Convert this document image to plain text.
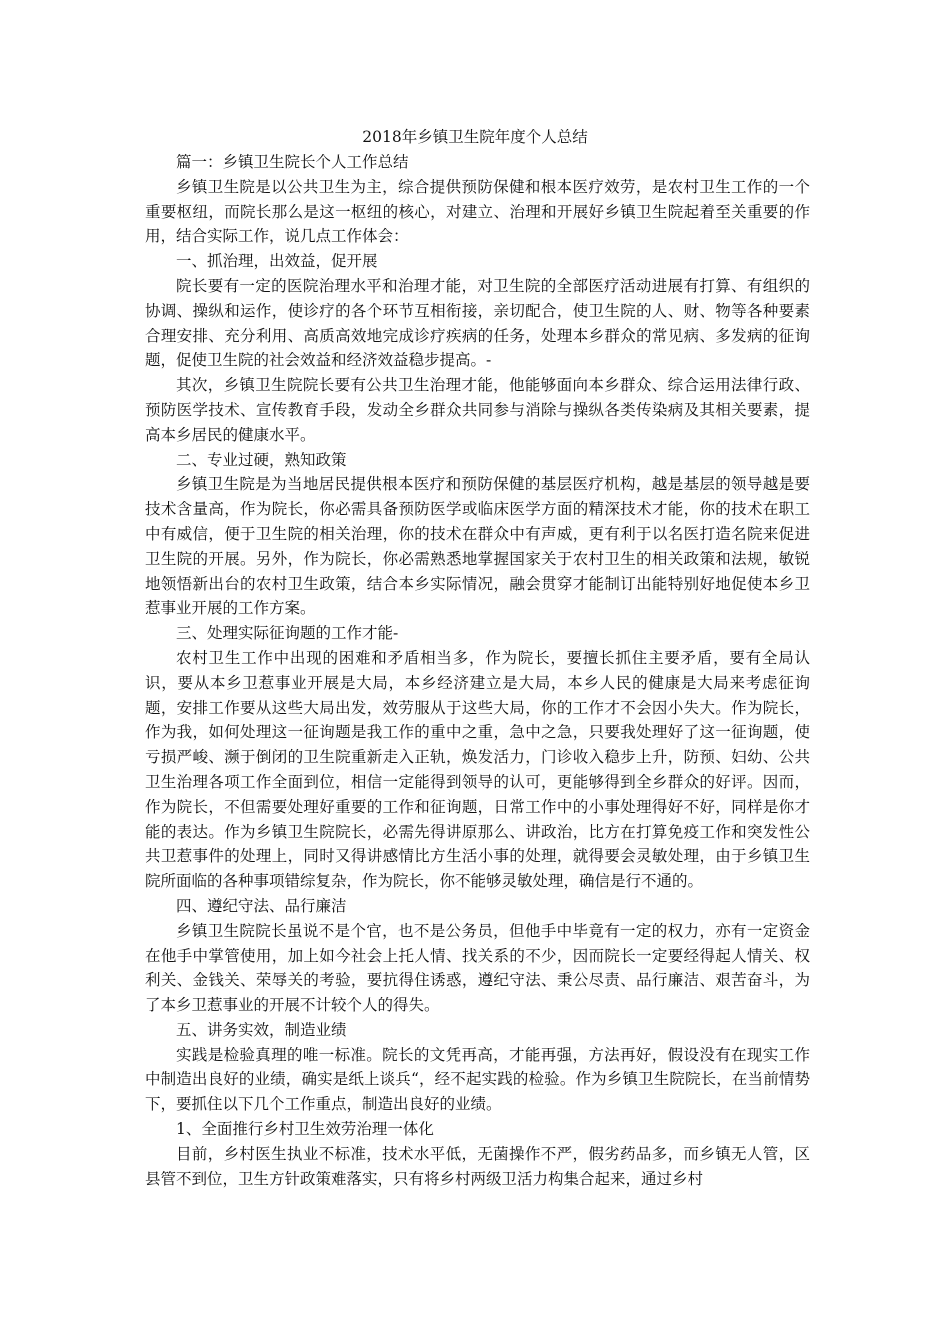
2018年乡镇卫生院年度个人总结

篇一：乡镇卫生院长个人工作总结

乡镇卫生院是以公共卫生为主，综合提供预防保健和根本医疗效劳，是农村卫生工作的一个重要枢纽，而院长那么是这一枢纽的核心，对建立、治理和开展好乡镇卫生院起着至关重要的作用，结合实际工作，说几点工作体会：

一、抓治理，出效益，促开展

院长要有一定的医院治理水平和治理才能，对卫生院的全部医疗活动进展有打算、有组织的协调、操纵和运作，使诊疗的各个环节互相衔接，亲切配合，使卫生院的人、财、物等各种要素合理安排、充分利用、高质高效地完成诊疗疾病的任务，处理本乡群众的常见病、多发病的征询题，促使卫生院的社会效益和经济效益稳步提高。-

其次，乡镇卫生院院长要有公共卫生治理才能，他能够面向本乡群众、综合运用法律行政、预防医学技术、宣传教育手段，发动全乡群众共同参与消除与操纵各类传染病及其相关要素，提高本乡居民的健康水平。

二、专业过硬，熟知政策

乡镇卫生院是为当地居民提供根本医疗和预防保健的基层医疗机构，越是基层的领导越是要技术含量高，作为院长，你必需具备预防医学或临床医学方面的精深技术才能，你的技术在职工中有威信，便于卫生院的相关治理，你的技术在群众中有声威，更有利于以名医打造名院来促进卫生院的开展。另外，作为院长，你必需熟悉地掌握国家关于农村卫生的相关政策和法规，敏锐地领悟新出台的农村卫生政策，结合本乡实际情况，融会贯穿才能制订出能特别好地促使本乡卫惹事业开展的工作方案。

三、处理实际征询题的工作才能-

农村卫生工作中出现的困难和矛盾相当多，作为院长，要擅长抓住主要矛盾，要有全局认识，要从本乡卫惹事业开展是大局，本乡经济建立是大局，本乡人民的健康是大局来考虑征询题，安排工作要从这些大局出发，效劳服从于这些大局，你的工作才不会因小失大。作为院长，作为我，如何处理这一征询题是我工作的重中之重，急中之急，只要我处理好了这一征询题，使亏损严峻、濒于倒闭的卫生院重新走入正轨，焕发活力，门诊收入稳步上升，防预、妇幼、公共卫生治理各项工作全面到位，相信一定能得到领导的认可，更能够得到全乡群众的好评。因而，作为院长，不但需要处理好重要的工作和征询题，日常工作中的小事处理得好不好，同样是你才能的表达。作为乡镇卫生院院长，必需先得讲原那么、讲政治，比方在打算免疫工作和突发性公共卫惹事件的处理上，同时又得讲感情比方生活小事的处理，就得要会灵敏处理，由于乡镇卫生院所面临的各种事项错综复杂，作为院长，你不能够灵敏处理，确信是行不通的。

四、遵纪守法、品行廉洁

乡镇卫生院院长虽说不是个官，也不是公务员，但他手中毕竟有一定的权力，亦有一定资金在他手中掌管使用，加上如今社会上托人情、找关系的不少，因而院长一定要经得起人情关、权利关、金钱关、荣辱关的考验，要抗得住诱惑，遵纪守法、秉公尽责、品行廉洁、艰苦奋斗，为了本乡卫惹事业的开展不计较个人的得失。

五、讲务实效，制造业绩

实践是检验真理的唯一标准。院长的文凭再高，才能再强，方法再好，假设没有在现实工作中制造出良好的业绩，确实是纸上谈兵“，经不起实践的检验。作为乡镇卫生院院长，在当前情势下，要抓住以下几个工作重点，制造出良好的业绩。

1、全面推行乡村卫生效劳治理一体化

目前，乡村医生执业不标准，技术水平低，无菌操作不严，假劣药品多，而乡镇无人管，区县管不到位，卫生方针政策难落实，只有将乡村两级卫活力构集合起来，通过乡村
